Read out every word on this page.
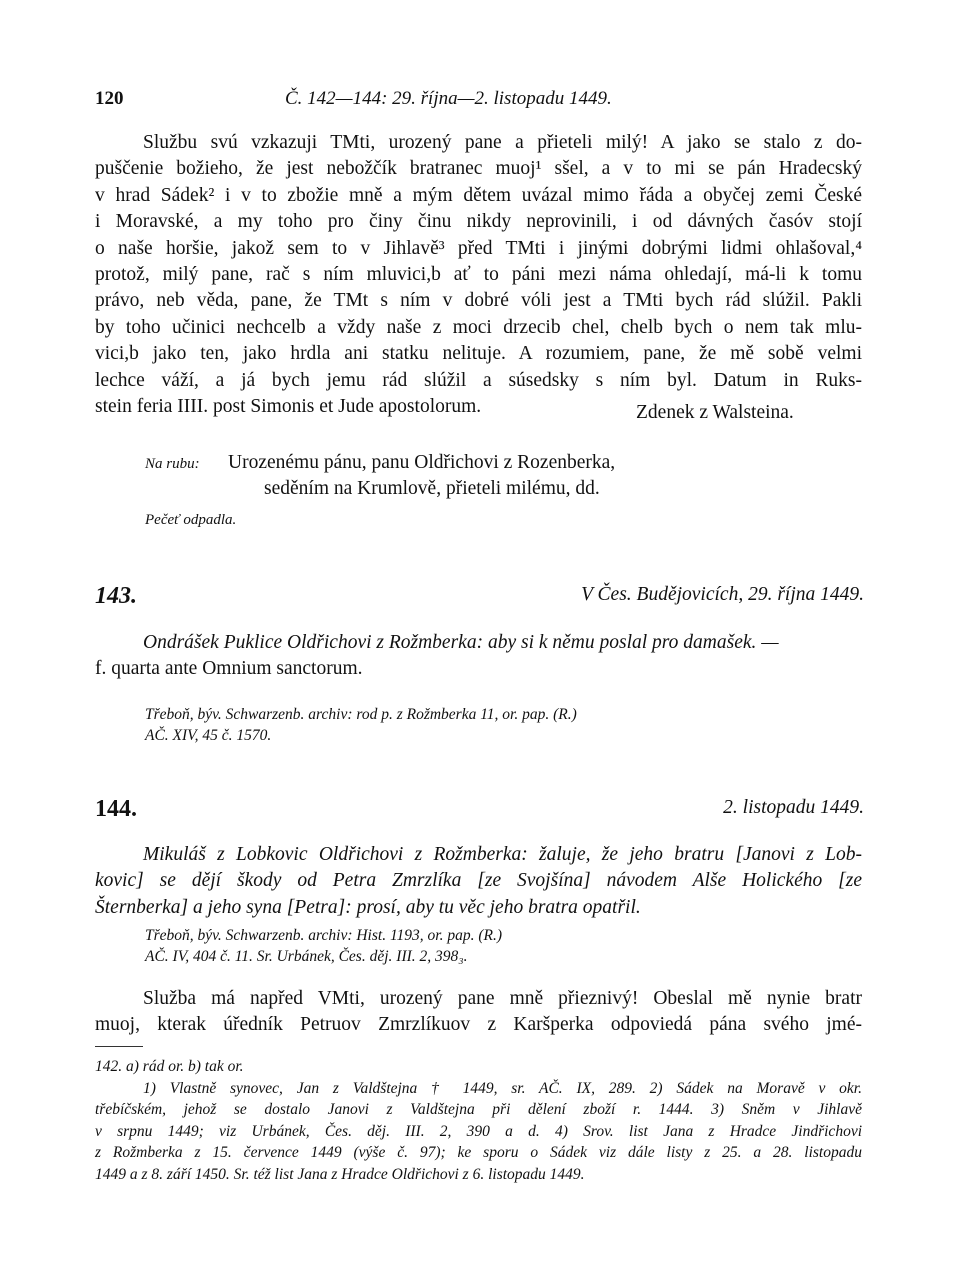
120	Č. 142—144: 29. října—2. listopadu 1449.
Službu svú vzkazuji TMti, urozený pane a přieteli milý! A jako se stalo z do-
puščenie božieho, že jest nebožčík bratranec muoj¹ sšel, a v to mi se pán Hradecský
v hrad Sádek² i v to zbožie mně a mým dětem uvázal mimo řáda a obyčej zemi České
i Moravské, a my toho pro činy činu nikdy neprovinili, i od dávných časóv stojí
o naše horšie, jakož sem to v Jihlavě³ před TMti i jinými dobrými lidmi ohlašoval,⁴
protož, milý pane, rač s ním mluvici,b ať to páni mezi náma ohledají, má-li k tomu
právo, neb věda, pane, že TMt s ním v dobré vóli jest a TMti bych rád slúžil. Pakli
by toho učinici nechcelb a vždy naše z moci drzecib chel, chelb bych o nem tak mlu-
vici,b jako ten, jako hrdla ani statku nelituje. A rozumiem, pane, že mě sobě velmi
lechce váží, a já bych jemu rád slúžil a súsedsky s ním byl. Datum in Ruks-
stein feria IIII. post Simonis et Jude apostolorum.	Zdenek z Walsteina.
Na rubu: Urozenému pánu, panu Oldřichovi z Rozenberka,
seděním na Krumlově, přieteli milému, dd.
Pečeť odpadla.
143.	V Čes. Budějovicích, 29. října 1449.
Ondrášek Puklice Oldřichovi z Rožmberka: aby si k němu poslal pro damašek. —
f. quarta ante Omnium sanctorum.
Třeboň, býv. Schwarzenb. archiv: rod p. z Rožmberka 11, or. pap. (R.)
AČ. XIV, 45 č. 1570.
144.	2. listopadu 1449.
Mikuláš z Lobkovic Oldřichovi z Rožmberka: žaluje, že jeho bratru [Janovi z Lob-
kovic] se dějí škody od Petra Zmrzlíka [ze Svojšína] návodem Alše Holického [ze
Šternberka] a jeho syna [Petra]: prosí, aby tu věc jeho bratra opatřil.
Třeboň, býv. Schwarzenb. archiv: Hist. 1193, or. pap. (R.)
AČ. IV, 404 č. 11. Sr. Urbánek, Čes. děj. III. 2, 398₃.
Služba má napřed VMti, urozený pane mně přieznivý! Obeslal mě nynie bratr
muoj, kterak úředník Petruov Zmrzlíkuov z Karšperka odpoviedá pána svého jmé-
142. a) rád or. b) tak or.
1) Vlastně synovec, Jan z Valdštejna † 1449, sr. AČ. IX, 289. 2) Sádek na Moravě v okr.
třebíčském, jehož se dostalo Janovi z Valdštejna při dělení zboží r. 1444. 3) Sněm v Jihlavě
v srpnu 1449; viz Urbánek, Čes. děj. III. 2, 390 a d. 4) Srov. list Jana z Hradce Jindřichovi
z Rožmberka z 15. července 1449 (výše č. 97); ke sporu o Sádek viz dále listy z 25. a 28. listopadu
1449 a z 8. září 1450. Sr. též list Jana z Hradce Oldřichovi z 6. listopadu 1449.
